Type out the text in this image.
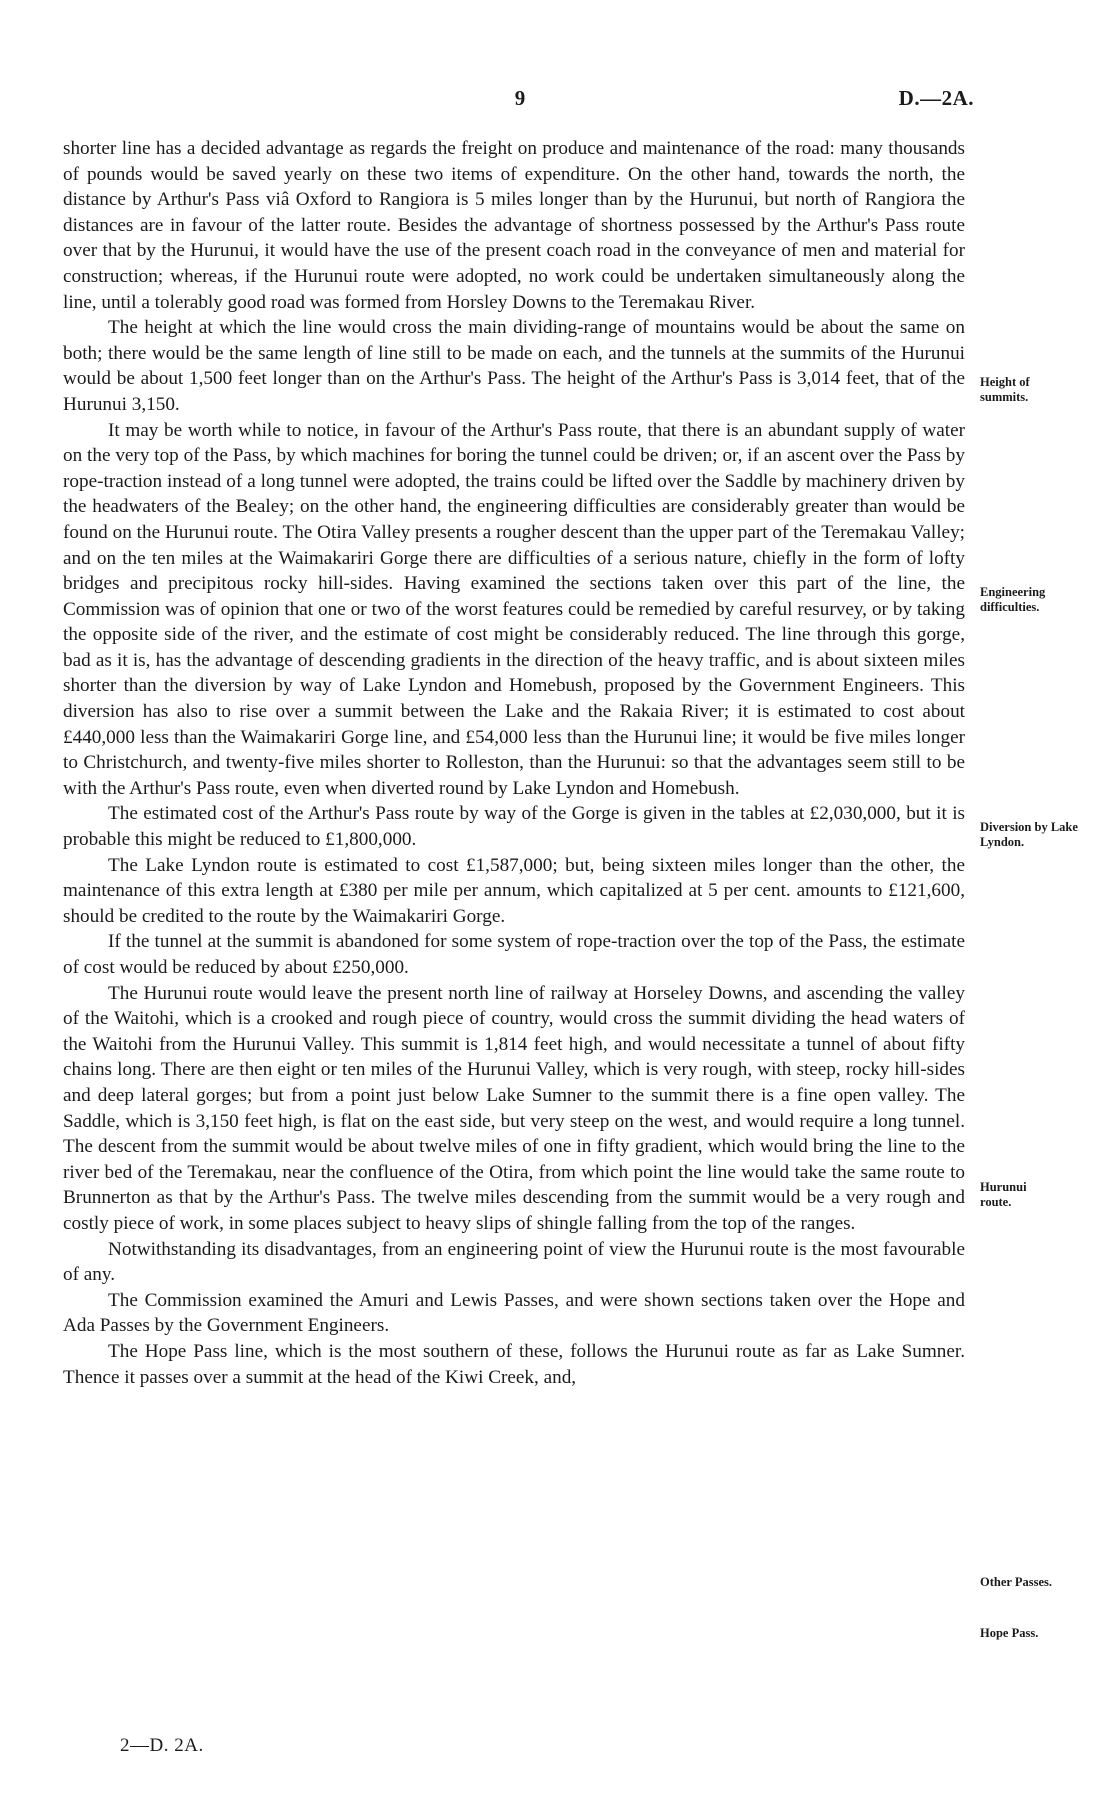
9	D.—2A.

shorter line has a decided advantage as regards the freight on produce and maintenance of the road: many thousands of pounds would be saved yearly on these two items of expenditure. On the other hand, towards the north, the distance by Arthur's Pass viâ Oxford to Rangiora is 5 miles longer than by the Hurunui, but north of Rangiora the distances are in favour of the latter route. Besides the advantage of shortness possessed by the Arthur's Pass route over that by the Hurunui, it would have the use of the present coach road in the conveyance of men and material for construction; whereas, if the Hurunui route were adopted, no work could be undertaken simultaneously along the line, until a tolerably good road was formed from Horsley Downs to the Teremakau River.

The height at which the line would cross the main dividing-range of mountains would be about the same on both; there would be the same length of line still to be made on each, and the tunnels at the summits of the Hurunui would be about 1,500 feet longer than on the Arthur's Pass. The height of the Arthur's Pass is 3,014 feet, that of the Hurunui 3,150.

It may be worth while to notice, in favour of the Arthur's Pass route, that there is an abundant supply of water on the very top of the Pass, by which machines for boring the tunnel could be driven; or, if an ascent over the Pass by rope-traction instead of a long tunnel were adopted, the trains could be lifted over the Saddle by machinery driven by the headwaters of the Bealey; on the other hand, the engineering difficulties are considerably greater than would be found on the Hurunui route. The Otira Valley presents a rougher descent than the upper part of the Teremakau Valley; and on the ten miles at the Waimakariri Gorge there are difficulties of a serious nature, chiefly in the form of lofty bridges and precipitous rocky hill-sides. Having examined the sections taken over this part of the line, the Commission was of opinion that one or two of the worst features could be remedied by careful resurvey, or by taking the opposite side of the river, and the estimate of cost might be considerably reduced. The line through this gorge, bad as it is, has the advantage of descending gradients in the direction of the heavy traffic, and is about sixteen miles shorter than the diversion by way of Lake Lyndon and Homebush, proposed by the Government Engineers. This diversion has also to rise over a summit between the Lake and the Rakaia River; it is estimated to cost about £440,000 less than the Waimakariri Gorge line, and £54,000 less than the Hurunui line; it would be five miles longer to Christchurch, and twenty-five miles shorter to Rolleston, than the Hurunui: so that the advantages seem still to be with the Arthur's Pass route, even when diverted round by Lake Lyndon and Homebush.

The estimated cost of the Arthur's Pass route by way of the Gorge is given in the tables at £2,030,000, but it is probable this might be reduced to £1,800,000.

The Lake Lyndon route is estimated to cost £1,587,000; but, being sixteen miles longer than the other, the maintenance of this extra length at £380 per mile per annum, which capitalized at 5 per cent. amounts to £121,600, should be credited to the route by the Waimakariri Gorge.

If the tunnel at the summit is abandoned for some system of rope-traction over the top of the Pass, the estimate of cost would be reduced by about £250,000.

The Hurunui route would leave the present north line of railway at Horseley Downs, and ascending the valley of the Waitohi, which is a crooked and rough piece of country, would cross the summit dividing the head waters of the Waitohi from the Hurunui Valley. This summit is 1,814 feet high, and would necessitate a tunnel of about fifty chains long. There are then eight or ten miles of the Hurunui Valley, which is very rough, with steep, rocky hill-sides and deep lateral gorges; but from a point just below Lake Sumner to the summit there is a fine open valley. The Saddle, which is 3,150 feet high, is flat on the east side, but very steep on the west, and would require a long tunnel. The descent from the summit would be about twelve miles of one in fifty gradient, which would bring the line to the river bed of the Teremakau, near the confluence of the Otira, from which point the line would take the same route to Brunnerton as that by the Arthur's Pass. The twelve miles descending from the summit would be a very rough and costly piece of work, in some places subject to heavy slips of shingle falling from the top of the ranges.

Notwithstanding its disadvantages, from an engineering point of view the Hurunui route is the most favourable of any.

The Commission examined the Amuri and Lewis Passes, and were shown sections taken over the Hope and Ada Passes by the Government Engineers.

The Hope Pass line, which is the most southern of these, follows the Hurunui route as far as Lake Sumner. Thence it passes over a summit at the head of the Kiwi Creek, and,

Height of summits.
Engineering difficulties.
Diversion by Lake Lyndon.
Hurunui route.
Other Passes.
Hope Pass.
2—D. 2A.
